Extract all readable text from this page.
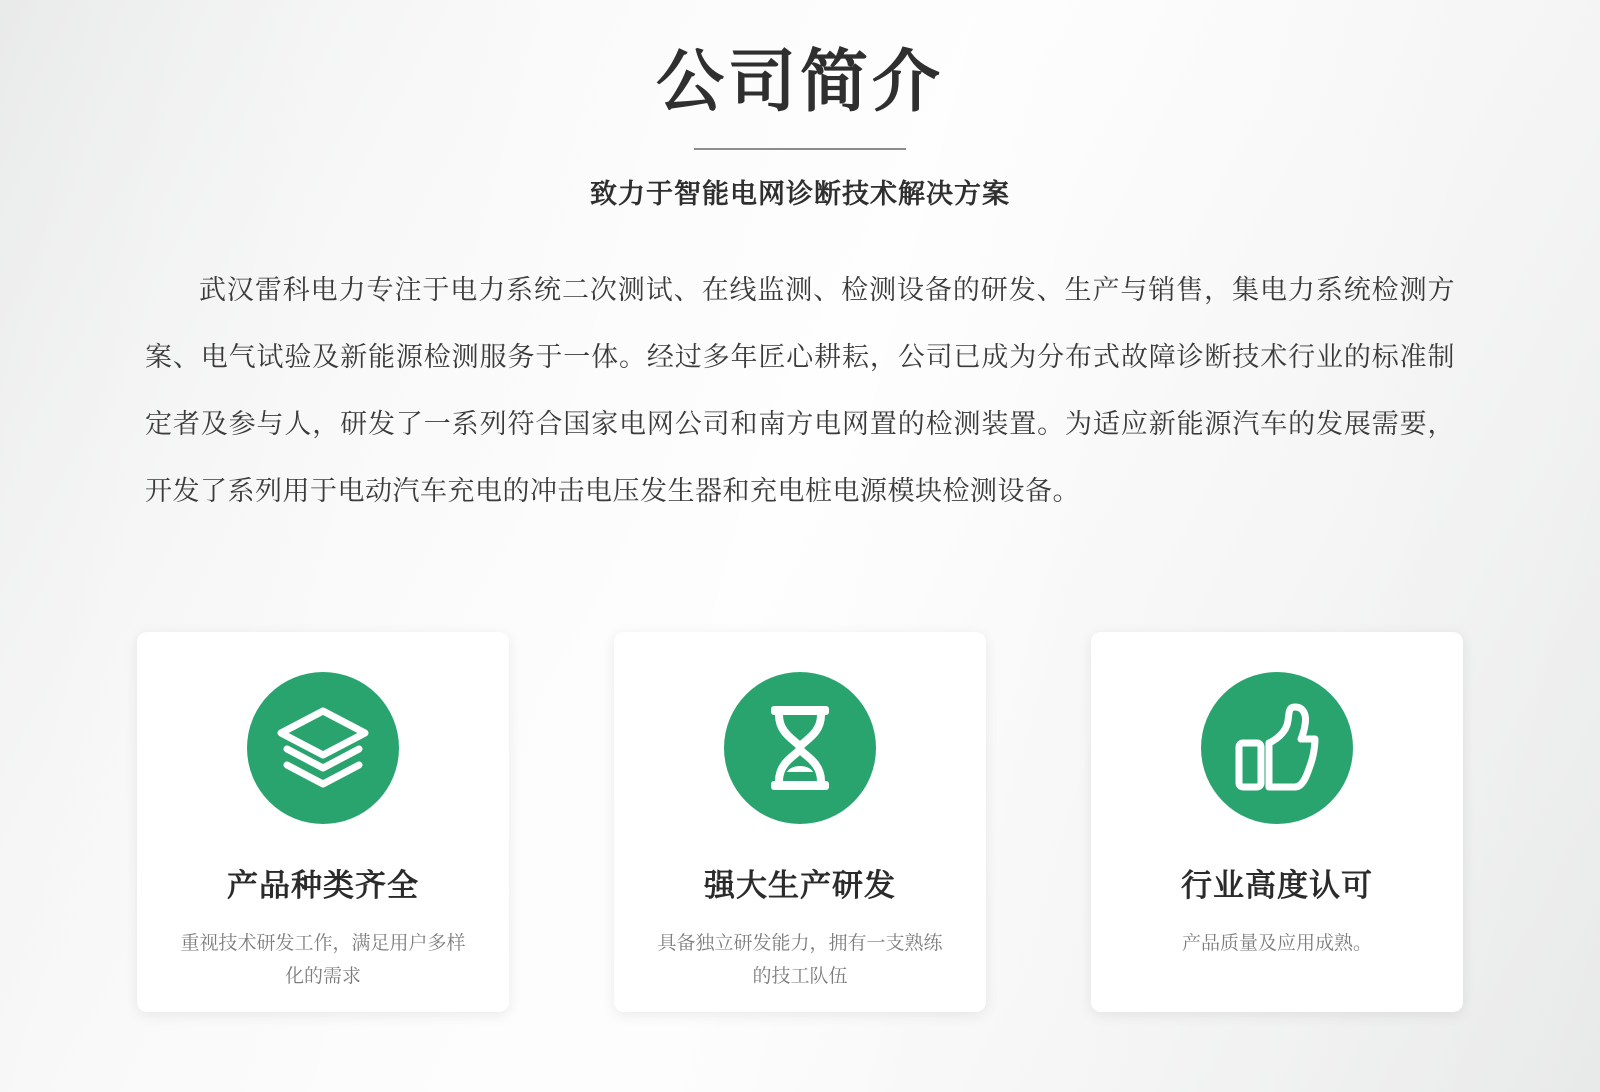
公司简介
致力于智能电网诊断技术解决方案

武汉雷科电力专注于电力系统二次测试、在线监测、检测设备的研发、生产与销售，集电力系统检测方案、电气试验及新能源检测服务于一体。经过多年匠心耕耘，公司已成为分布式故障诊断技术行业的标准制定者及参与人，研发了一系列符合国家电网公司和南方电网置的检测装置。为适应新能源汽车的发展需要，开发了系列用于电动汽车充电的冲击电压发生器和充电桩电源模块检测设备。

产品种类齐全
重视技术研发工作，满足用户多样化的需求
强大生产研发
具备独立研发能力，拥有一支熟练的技工队伍
行业高度认可
产品质量及应用成熟。
